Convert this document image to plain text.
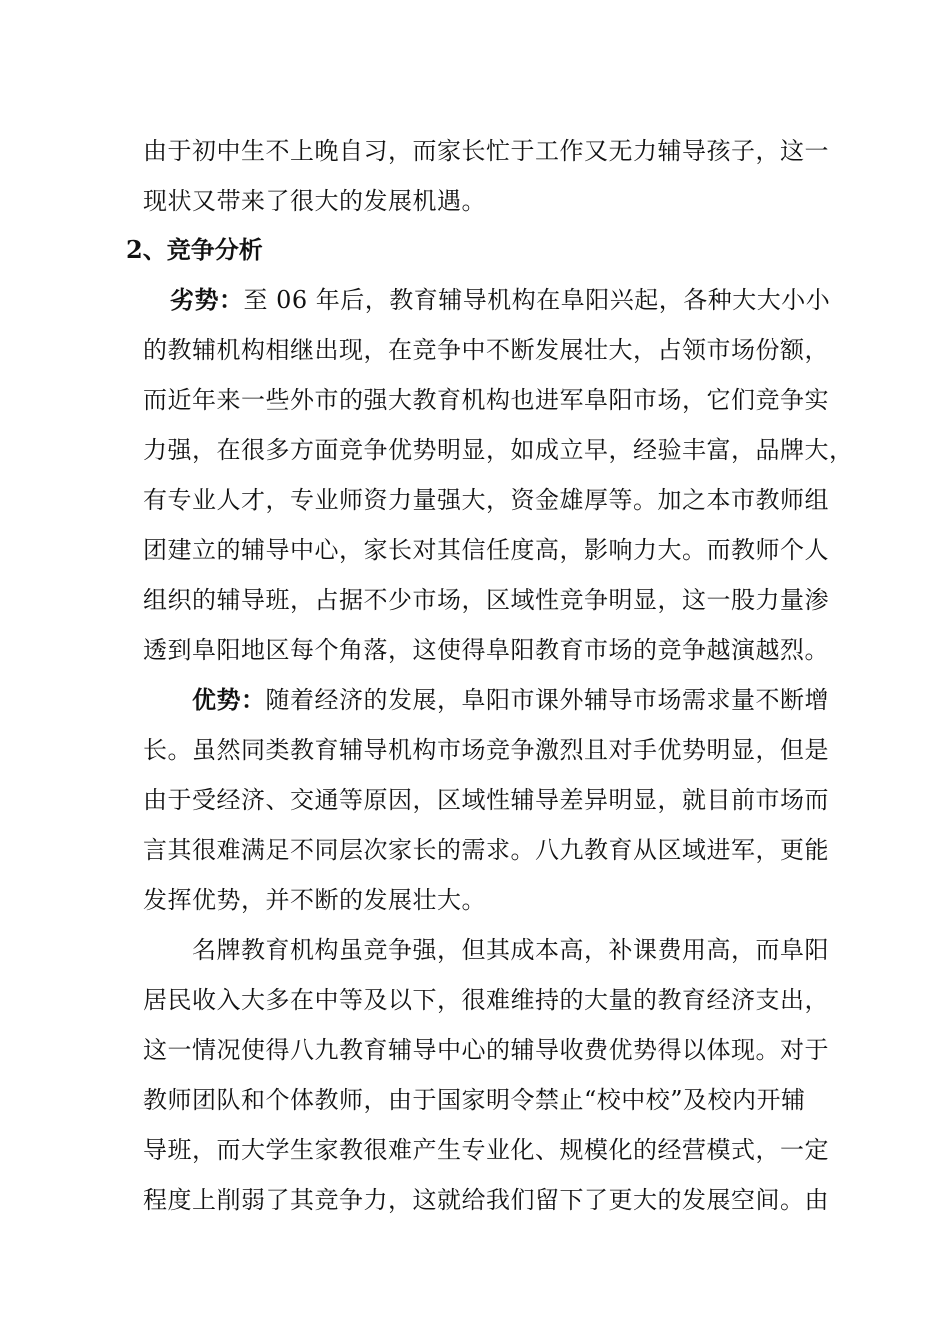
由于初中生不上晚自习，而家长忙于工作又无力辅导孩子，这一
现状又带来了很大的发展机遇。
2、竞争分析
劣势：至 06 年后，教育辅导机构在阜阳兴起，各种大大小小
的教辅机构相继出现，在竞争中不断发展壮大，占领市场份额，
而近年来一些外市的强大教育机构也进军阜阳市场，它们竞争实
力强，在很多方面竞争优势明显，如成立早，经验丰富，品牌大，
有专业人才，专业师资力量强大，资金雄厚等。加之本市教师组
团建立的辅导中心，家长对其信任度高，影响力大。而教师个人
组织的辅导班，占据不少市场，区域性竞争明显，这一股力量渗
透到阜阳地区每个角落，这使得阜阳教育市场的竞争越演越烈。
优势：随着经济的发展，阜阳市课外辅导市场需求量不断增
长。虽然同类教育辅导机构市场竞争激烈且对手优势明显，但是
由于受经济、交通等原因，区域性辅导差异明显，就目前市场而
言其很难满足不同层次家长的需求。八九教育从区域进军，更能
发挥优势，并不断的发展壮大。
名牌教育机构虽竞争强，但其成本高，补课费用高，而阜阳
居民收入大多在中等及以下，很难维持的大量的教育经济支出，
这一情况使得八九教育辅导中心的辅导收费优势得以体现。对于
教师团队和个体教师，由于国家明令禁止“校中校”及校内开辅
导班，而大学生家教很难产生专业化、规模化的经营模式，一定
程度上削弱了其竞争力，这就给我们留下了更大的发展空间。由
